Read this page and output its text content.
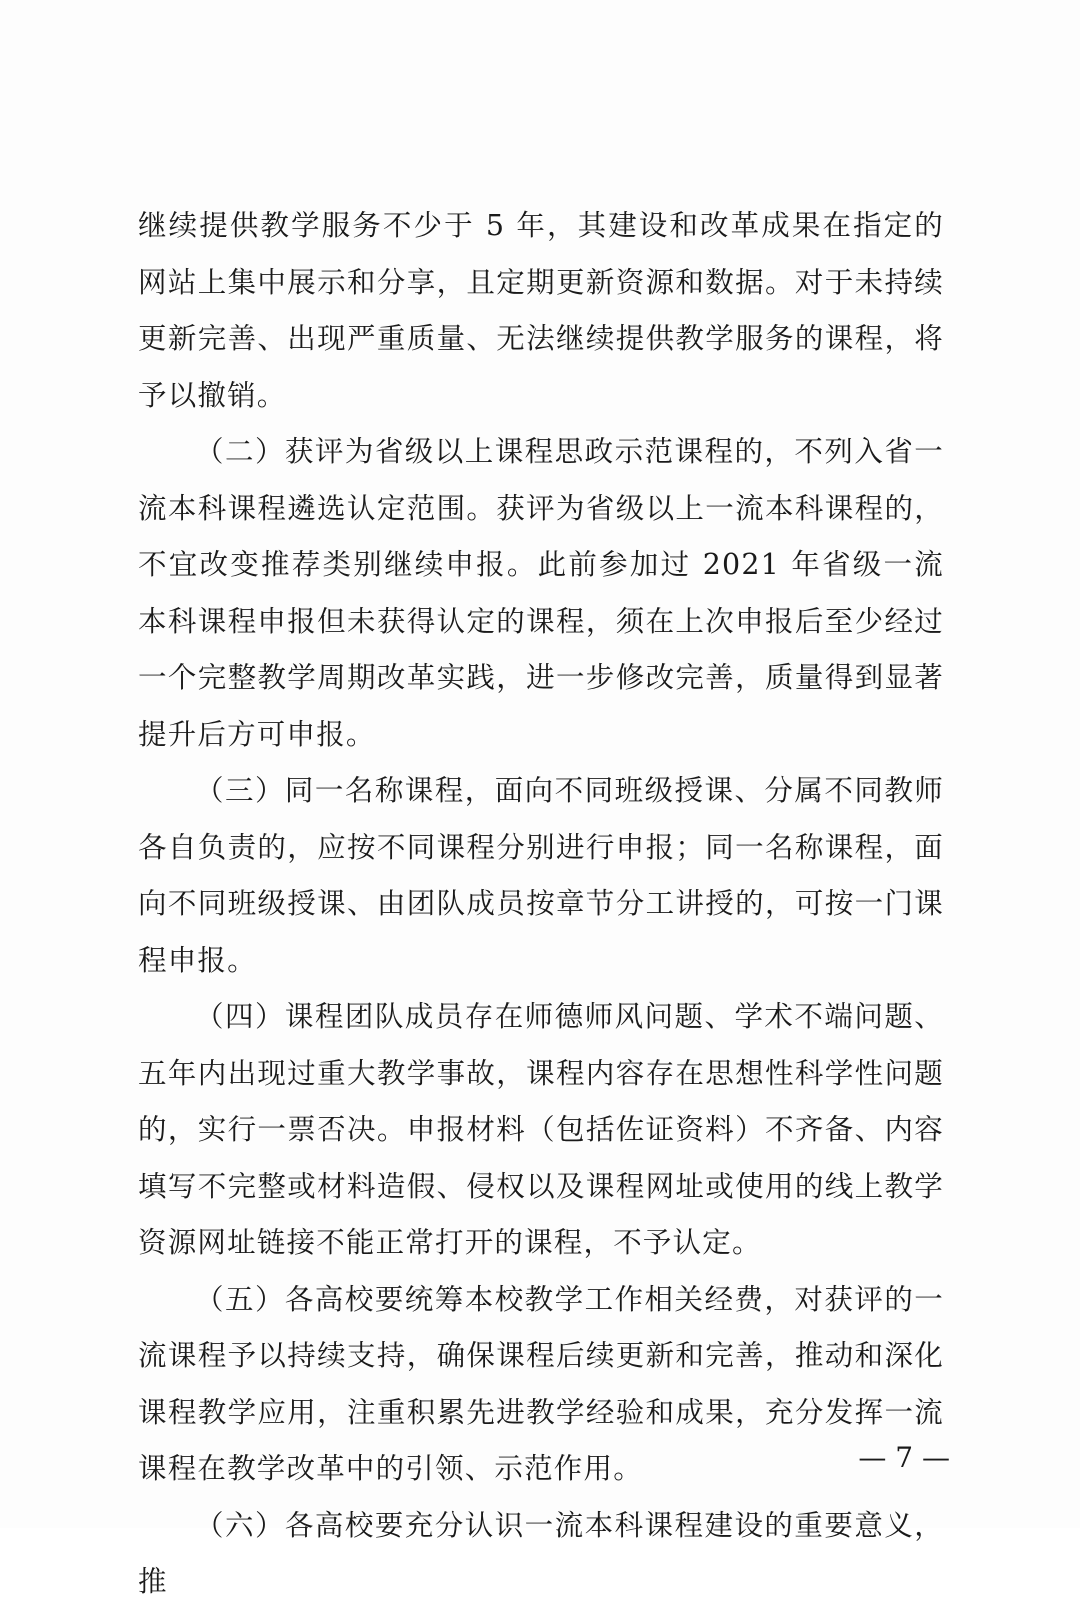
继续提供教学服务不少于 5 年，其建设和改革成果在指定的网站上集中展示和分享，且定期更新资源和数据。对于未持续更新完善、出现严重质量、无法继续提供教学服务的课程，将予以撤销。

（二）获评为省级以上课程思政示范课程的，不列入省一流本科课程遴选认定范围。获评为省级以上一流本科课程的，不宜改变推荐类别继续申报。此前参加过 2021 年省级一流本科课程申报但未获得认定的课程，须在上次申报后至少经过一个完整教学周期改革实践，进一步修改完善，质量得到显著提升后方可申报。

（三）同一名称课程，面向不同班级授课、分属不同教师各自负责的，应按不同课程分别进行申报；同一名称课程，面向不同班级授课、由团队成员按章节分工讲授的，可按一门课程申报。

（四）课程团队成员存在师德师风问题、学术不端问题、五年内出现过重大教学事故，课程内容存在思想性科学性问题的，实行一票否决。申报材料（包括佐证资料）不齐备、内容填写不完整或材料造假、侵权以及课程网址或使用的线上教学资源网址链接不能正常打开的课程，不予认定。

（五）各高校要统筹本校教学工作相关经费，对获评的一流课程予以持续支持，确保课程后续更新和完善，推动和深化课程教学应用，注重积累先进教学经验和成果，充分发挥一流课程在教学改革中的引领、示范作用。

（六）各高校要充分认识一流本科课程建设的重要意义，推

— 7 —
